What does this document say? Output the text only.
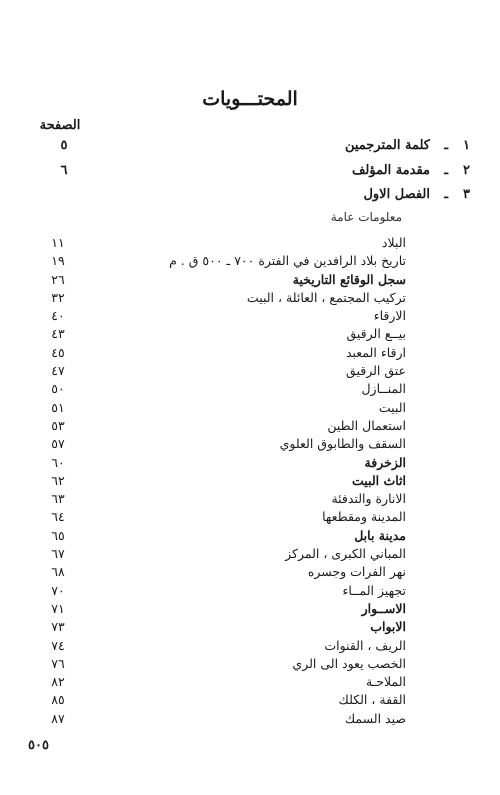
المحتـــويات
الصفحة
١
ـ
كلمة المترجمين
٥
٢
ـ
مقدمة المؤلف
٦
٣
ـ
الفصل الاول
معلومات عامة
البلاد
١١
تاريخ بلاد الرافدين في الفترة ٧٠٠ ـ ٥٠٠ ق . م
١٩
سجل الوقائع التاريخية
٢٦
تركيب المجتمع ، العائلة ، البيت
٣٢
الارقاء
٤٠
بيــع الرقيق
٤٣
ارقاء المعبد
٤٥
عتق الرقيق
٤٧
المنــازل
٥٠
البيت
٥١
استعمال الطين
٥٣
السقف والطابوق العلوي
٥٧
الزخرفة
٦٠
اثاث البيت
٦٢
الانارة والتدفئة
٦٣
المدينة ومقطعها
٦٤
مدينة بابل
٦٥
المباني الكبرى ، المركز
٦٧
نهر الفرات وجسره
٦٨
تجهيز المــاء
٧٠
الاســوار
٧١
الابواب
٧٣
الريف ، القنوات
٧٤
الخصب يعود الى الري
٧٦
الملاحـة
٨٢
القفة ، الكلك
٨٥
صيد السمك
٨٧
٥٠٥
